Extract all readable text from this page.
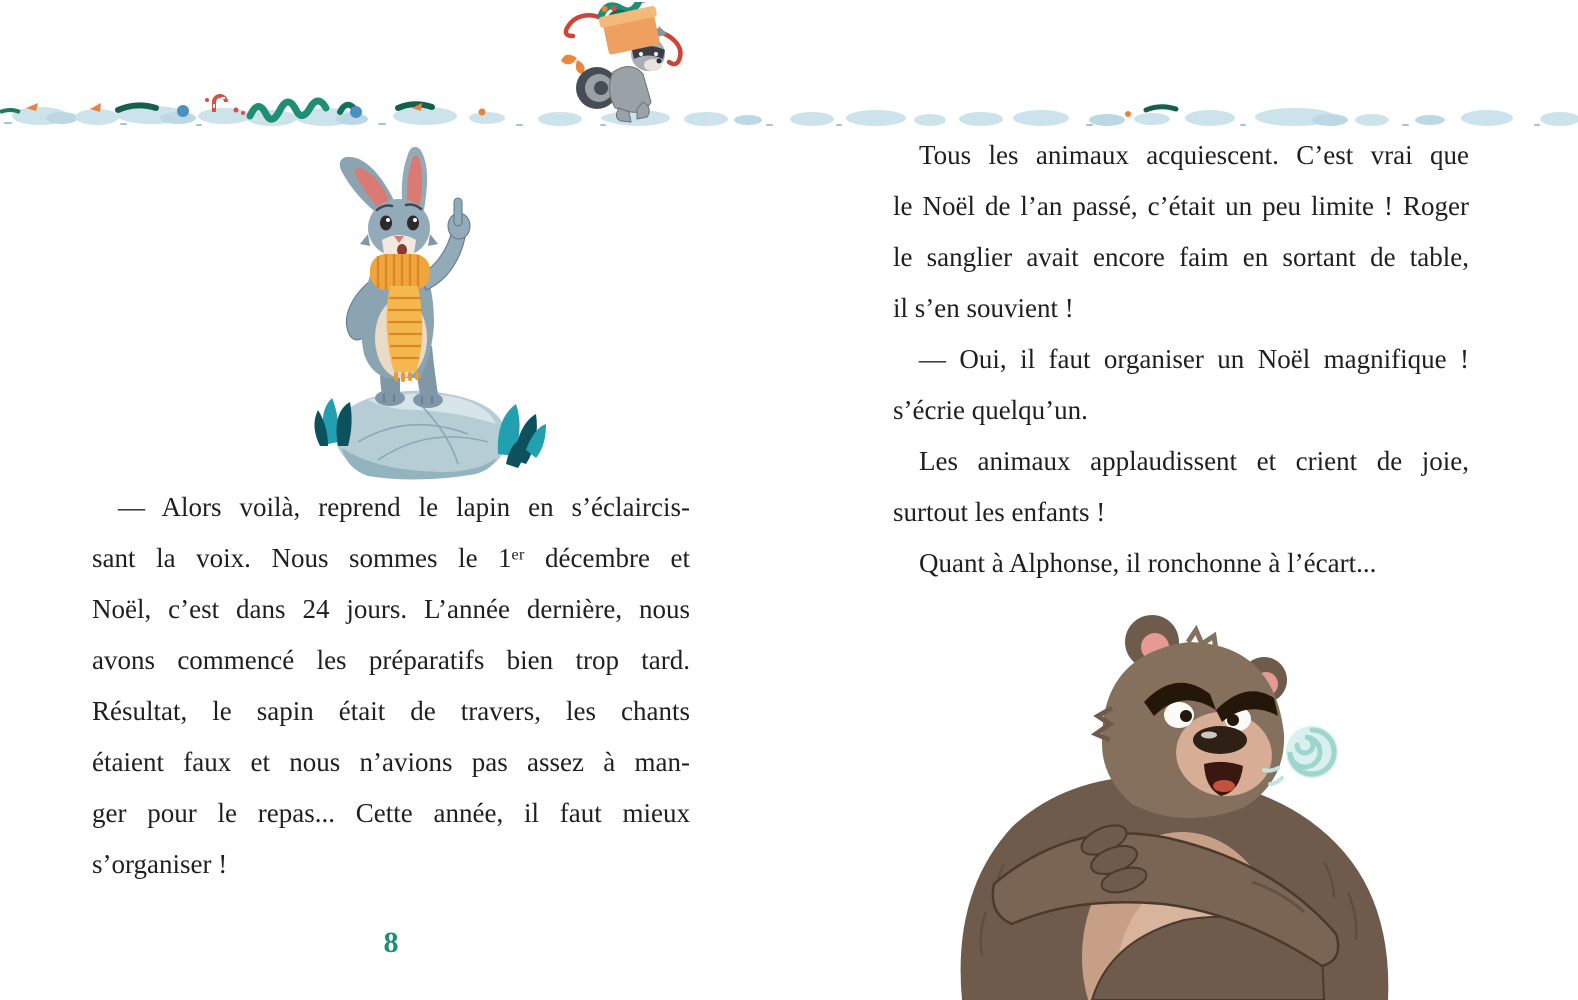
— Alors voilà, reprend le lapin en s’éclaircis-
sant la voix. Nous sommes le 1ᵉʳ décembre et
Noël, c’est dans 24 jours. L’année dernière, nous
avons commencé les préparatifs bien trop tard.
Résultat, le sapin était de travers, les chants
étaient faux et nous n’avions pas assez à man-
ger pour le repas... Cette année, il faut mieux
s’organiser !
8
Tous les animaux acquiescent. C’est vrai que
le Noël de l’an passé, c’était un peu limite ! Roger
le sanglier avait encore faim en sortant de table,
il s’en souvient !
— Oui, il faut organiser un Noël magnifique !
s’écrie quelqu’un.
Les animaux applaudissent et crient de joie,
surtout les enfants !
Quant à Alphonse, il ronchonne à l’écart...
